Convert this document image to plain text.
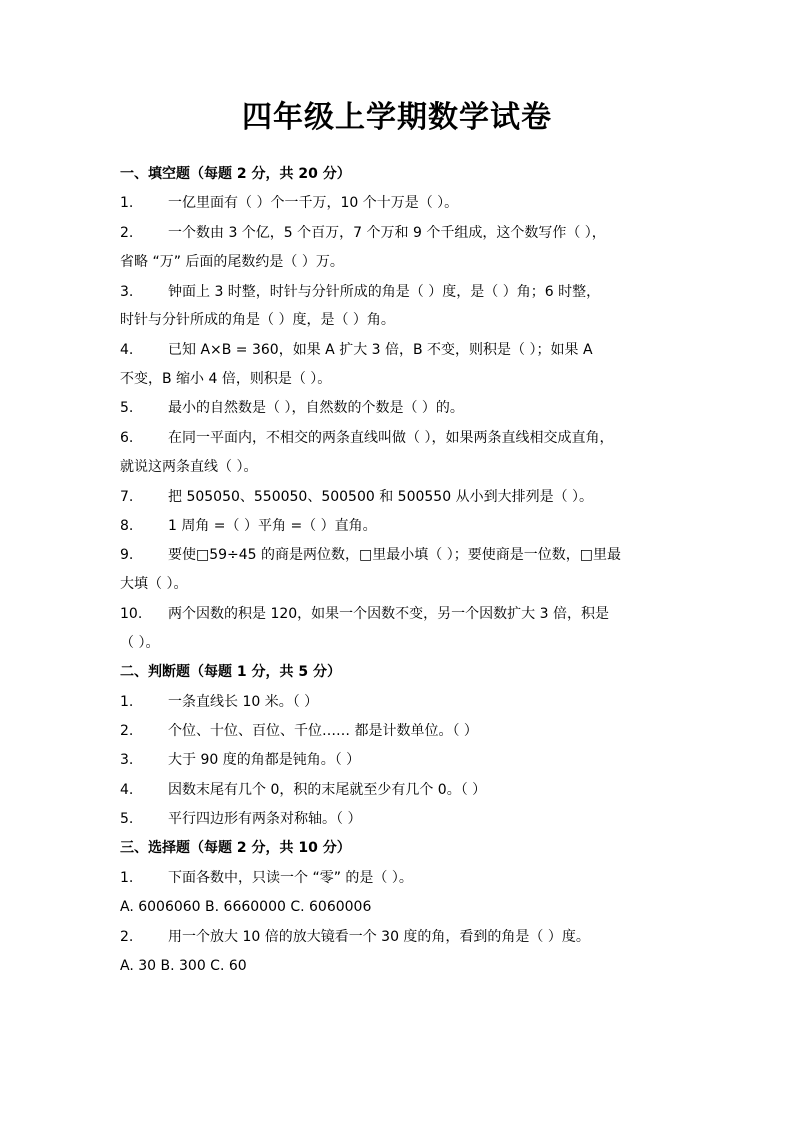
四年级上学期数学试卷
一、填空题（每题 2 分，共 20 分）
1. 一亿里面有（ ）个一千万，10 个十万是（ ）。
2. 一个数由 3 个亿，5 个百万，7 个万和 9 个千组成，这个数写作（ ），
省略 “万” 后面的尾数约是（ ）万。
3. 钟面上 3 时整，时针与分针所成的角是（ ）度，是（ ）角；6 时整，
时针与分针所成的角是（ ）度，是（ ）角。
4. 已知 A×B = 360，如果 A 扩大 3 倍，B 不变，则积是（ ）；如果 A
不变，B 缩小 4 倍，则积是（ ）。
5. 最小的自然数是（ ），自然数的个数是（ ）的。
6. 在同一平面内，不相交的两条直线叫做（ ），如果两条直线相交成直角，
就说这两条直线（ ）。
7. 把 505050、550050、500500 和 500550 从小到大排列是（ ）。
8. 1 周角 =（ ）平角 =（ ）直角。
9. 要使□59÷45 的商是两位数，□里最小填（ ）；要使商是一位数，□里最
大填（ ）。
10. 两个因数的积是 120，如果一个因数不变，另一个因数扩大 3 倍，积是
（ ）。
二、判断题（每题 1 分，共 5 分）
1. 一条直线长 10 米。（ ）
2. 个位、十位、百位、千位…… 都是计数单位。（ ）
3. 大于 90 度的角都是钝角。（ ）
4. 因数末尾有几个 0，积的末尾就至少有几个 0。（ ）
5. 平行四边形有两条对称轴。（ ）
三、选择题（每题 2 分，共 10 分）
1. 下面各数中，只读一个 “零” 的是（ ）。
A. 6006060 B. 6660000 C. 6060006
2. 用一个放大 10 倍的放大镜看一个 30 度的角，看到的角是（ ）度。
A. 30 B. 300 C. 60
